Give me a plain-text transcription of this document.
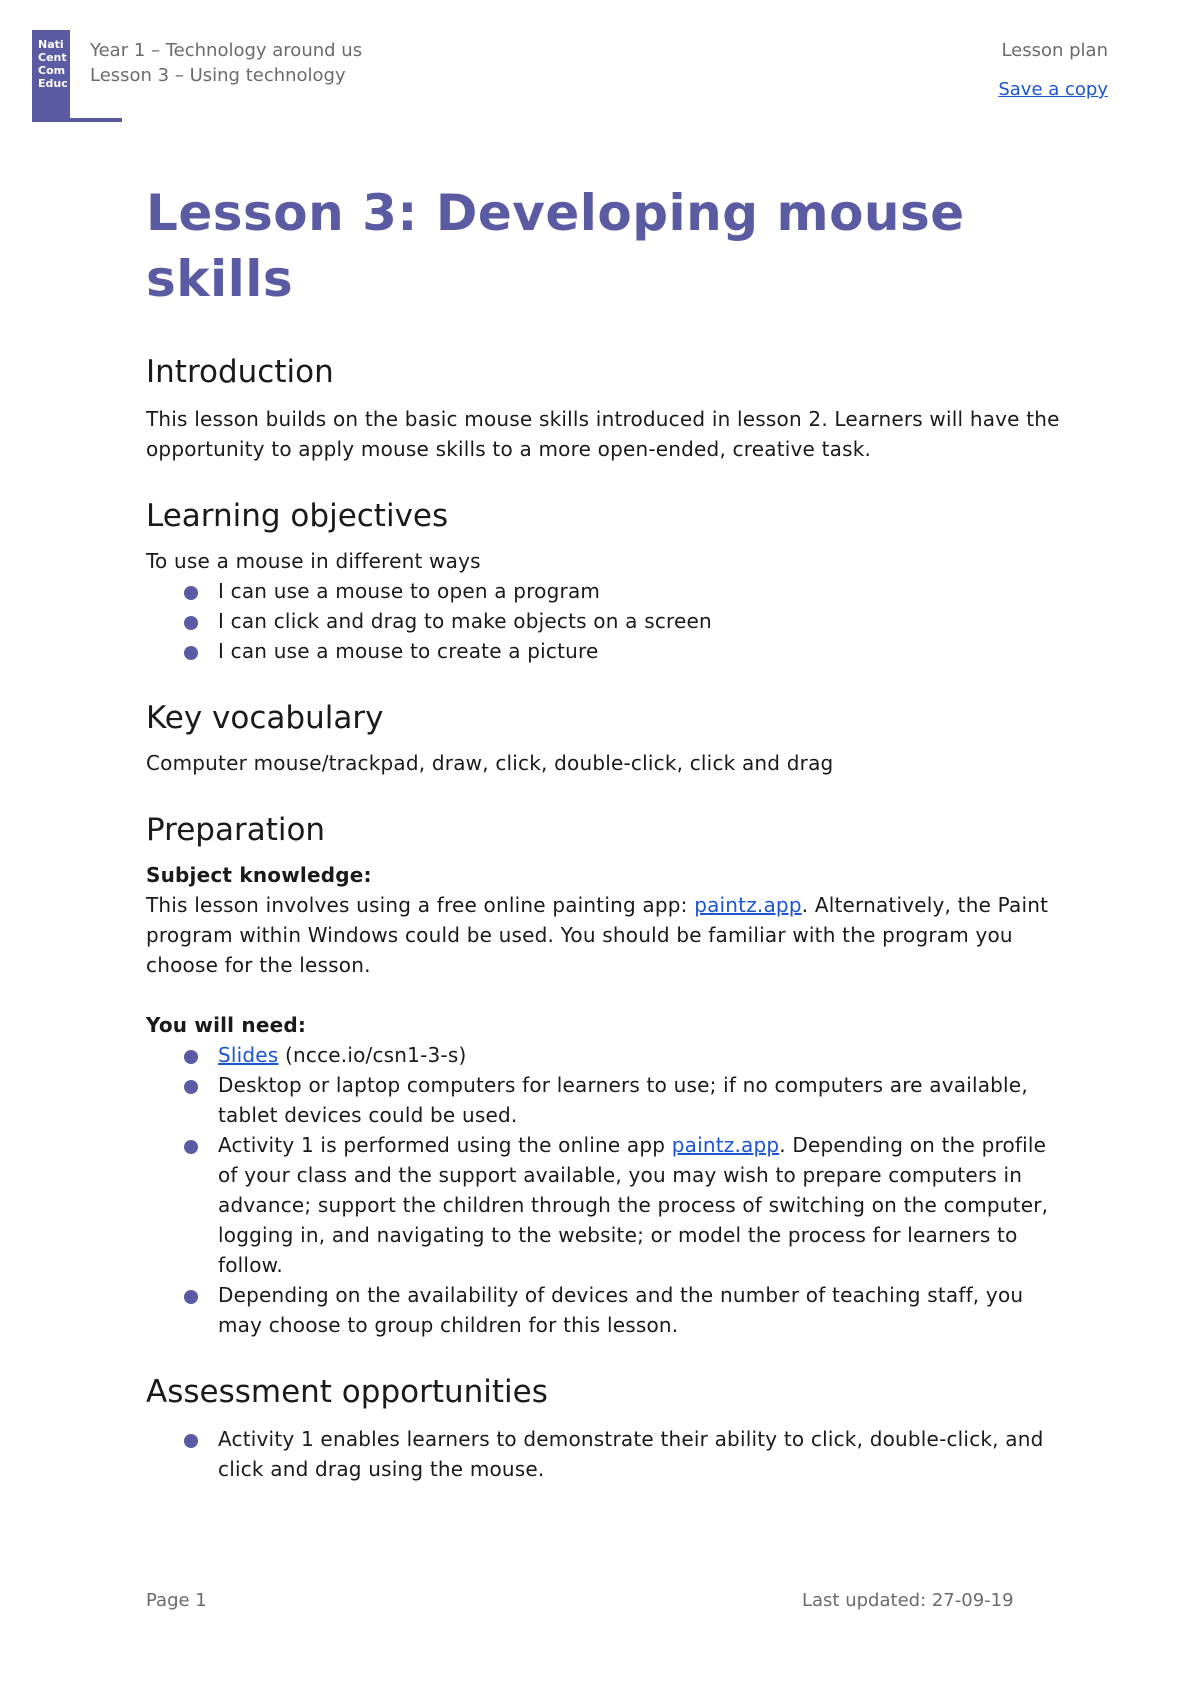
Nati
Cent
Com
Educ
Year 1 – Technology around us
Lesson 3 – Using technology
Lesson plan
Save a copy
Lesson 3: Developing mouse skills
Introduction

This lesson builds on the basic mouse skills introduced in lesson 2. Learners will have the opportunity to apply mouse skills to a more open-ended, creative task.

Learning objectives

To use a mouse in different ways

I can use a mouse to open a program
I can click and drag to make objects on a screen
I can use a mouse to create a picture
Key vocabulary

Computer mouse/trackpad, draw, click, double-click, click and drag

Preparation

Subject knowledge:

This lesson involves using a free online painting app: paintz.app. Alternatively, the Paint program within Windows could be used. You should be familiar with the program you choose for the lesson.

You will need:

Slides (ncce.io/csn1-3-s)
Desktop or laptop computers for learners to use; if no computers are available, tablet devices could be used.
Activity 1 is performed using the online app paintz.app. Depending on the profile of your class and the support available, you may wish to prepare computers in advance; support the children through the process of switching on the computer, logging in, and navigating to the website; or model the process for learners to follow.
Depending on the availability of devices and the number of teaching staff, you may choose to group children for this lesson.
Assessment opportunities
Activity 1 enables learners to demonstrate their ability to click, double-click, and click and drag using the mouse.
Page 1	Last updated: 27-09-19
